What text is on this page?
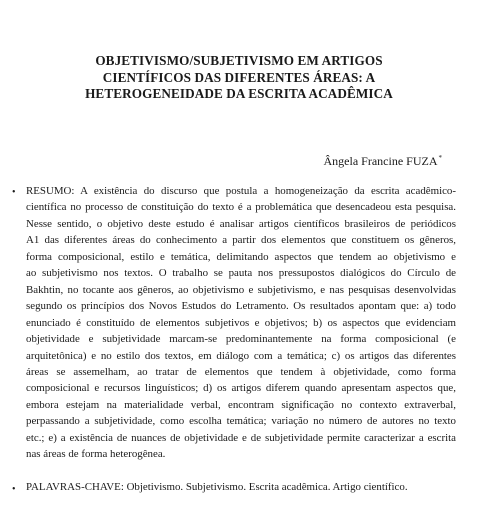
OBJETIVISMO/SUBJETIVISMO EM ARTIGOS
CIENTÍFICOS DAS DIFERENTES ÁREAS: A
HETEROGENEIDADE DA ESCRITA ACADÊMICA
Ângela Francine FUZA*
• RESUMO: A existência do discurso que postula a homogeneização da escrita acadêmico-
científica no processo de constituição do texto é a problemática que desencadeou esta pesquisa.
Nesse sentido, o objetivo deste estudo é analisar artigos científicos brasileiros de periódicos
A1 das diferentes áreas do conhecimento a partir dos elementos que constituem os gêneros,
forma composicional, estilo e temática, delimitando aspectos que tendem ao objetivismo e
ao subjetivismo nos textos. O trabalho se pauta nos pressupostos dialógicos do Círculo de
Bakhtin, no tocante aos gêneros, ao objetivismo e subjetivismo, e nas pesquisas desenvolvidas
segundo os princípios dos Novos Estudos do Letramento. Os resultados apontam que: a) todo
enunciado é constituído de elementos subjetivos e objetivos; b) os aspectos que evidenciam
objetividade e subjetividade marcam-se predominantemente na forma composicional (e
arquitetônica) e no estilo dos textos, em diálogo com a temática; c) os artigos das diferentes
áreas se assemelham, ao tratar de elementos que tendem à objetividade, como forma
composicional e recursos linguísticos; d) os artigos diferem quando apresentam aspectos que,
embora estejam na materialidade verbal, encontram significação no contexto extraverbal,
perpassando a subjetividade, como escolha temática; variação no número de autores no texto
etc.; e) a existência de nuances de objetividade e de subjetividade permite caracterizar a escrita
nas áreas de forma heterogênea.
• PALAVRAS-CHAVE: Objetivismo. Subjetivismo. Escrita acadêmica. Artigo científico.
